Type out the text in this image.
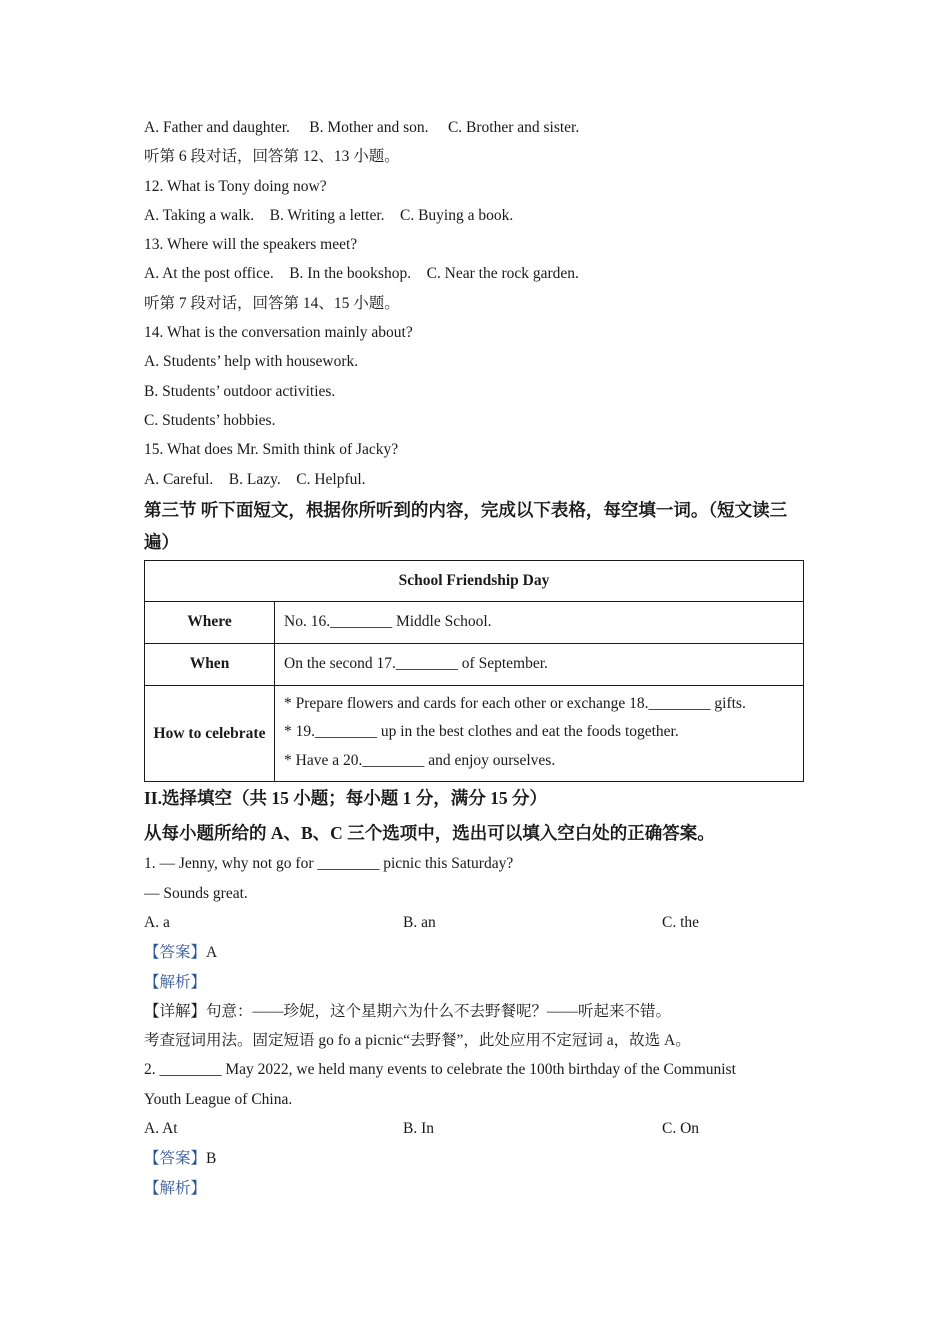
A. Father and daughter. B. Mother and son. C. Brother and sister.
听第 6 段对话，回答第 12、13 小题。
12. What is Tony doing now?
A. Taking a walk.    B. Writing a letter.    C. Buying a book.
13. Where will the speakers meet?
A. At the post office.    B. In the bookshop.    C. Near the rock garden.
听第 7 段对话，回答第 14、15 小题。
14. What is the conversation mainly about?
A. Students’ help with housework.
B. Students’ outdoor activities.
C. Students’ hobbies.
15. What does Mr. Smith think of Jacky?
A. Careful.    B. Lazy.    C. Helpful.
第三节 听下面短文，根据你所听到的内容，完成以下表格，每空填一词。（短文读三遍）
School Friendship Day	
Where	No. 16.________ Middle School.
When	On the second 17.________ of September.
How to celebrate	* Prepare flowers and cards for each other or exchange 18.________ gifts.
* 19.________ up in the best clothes and eat the foods together.
* Have a 20.________ and enjoy ourselves.
II.选择填空（共 15 小题；每小题 1 分，满分 15 分）
从每小题所给的 A、B、C 三个选项中，选出可以填入空白处的正确答案。
1. — Jenny, why not go for ________ picnic this Saturday?
— Sounds great.
A. a	B. an	C. the
【答案】A
【解析】
【详解】句意：——珍妮，这个星期六为什么不去野餐呢？——听起来不错。
考查冠词用法。固定短语 go fo a picnic“去野餐”，此处应用不定冠词 a，故选 A。
2. ________ May 2022, we held many events to celebrate the 100th birthday of the Communist
Youth League of China.
A. At	B. In	C. On
【答案】B
【解析】
